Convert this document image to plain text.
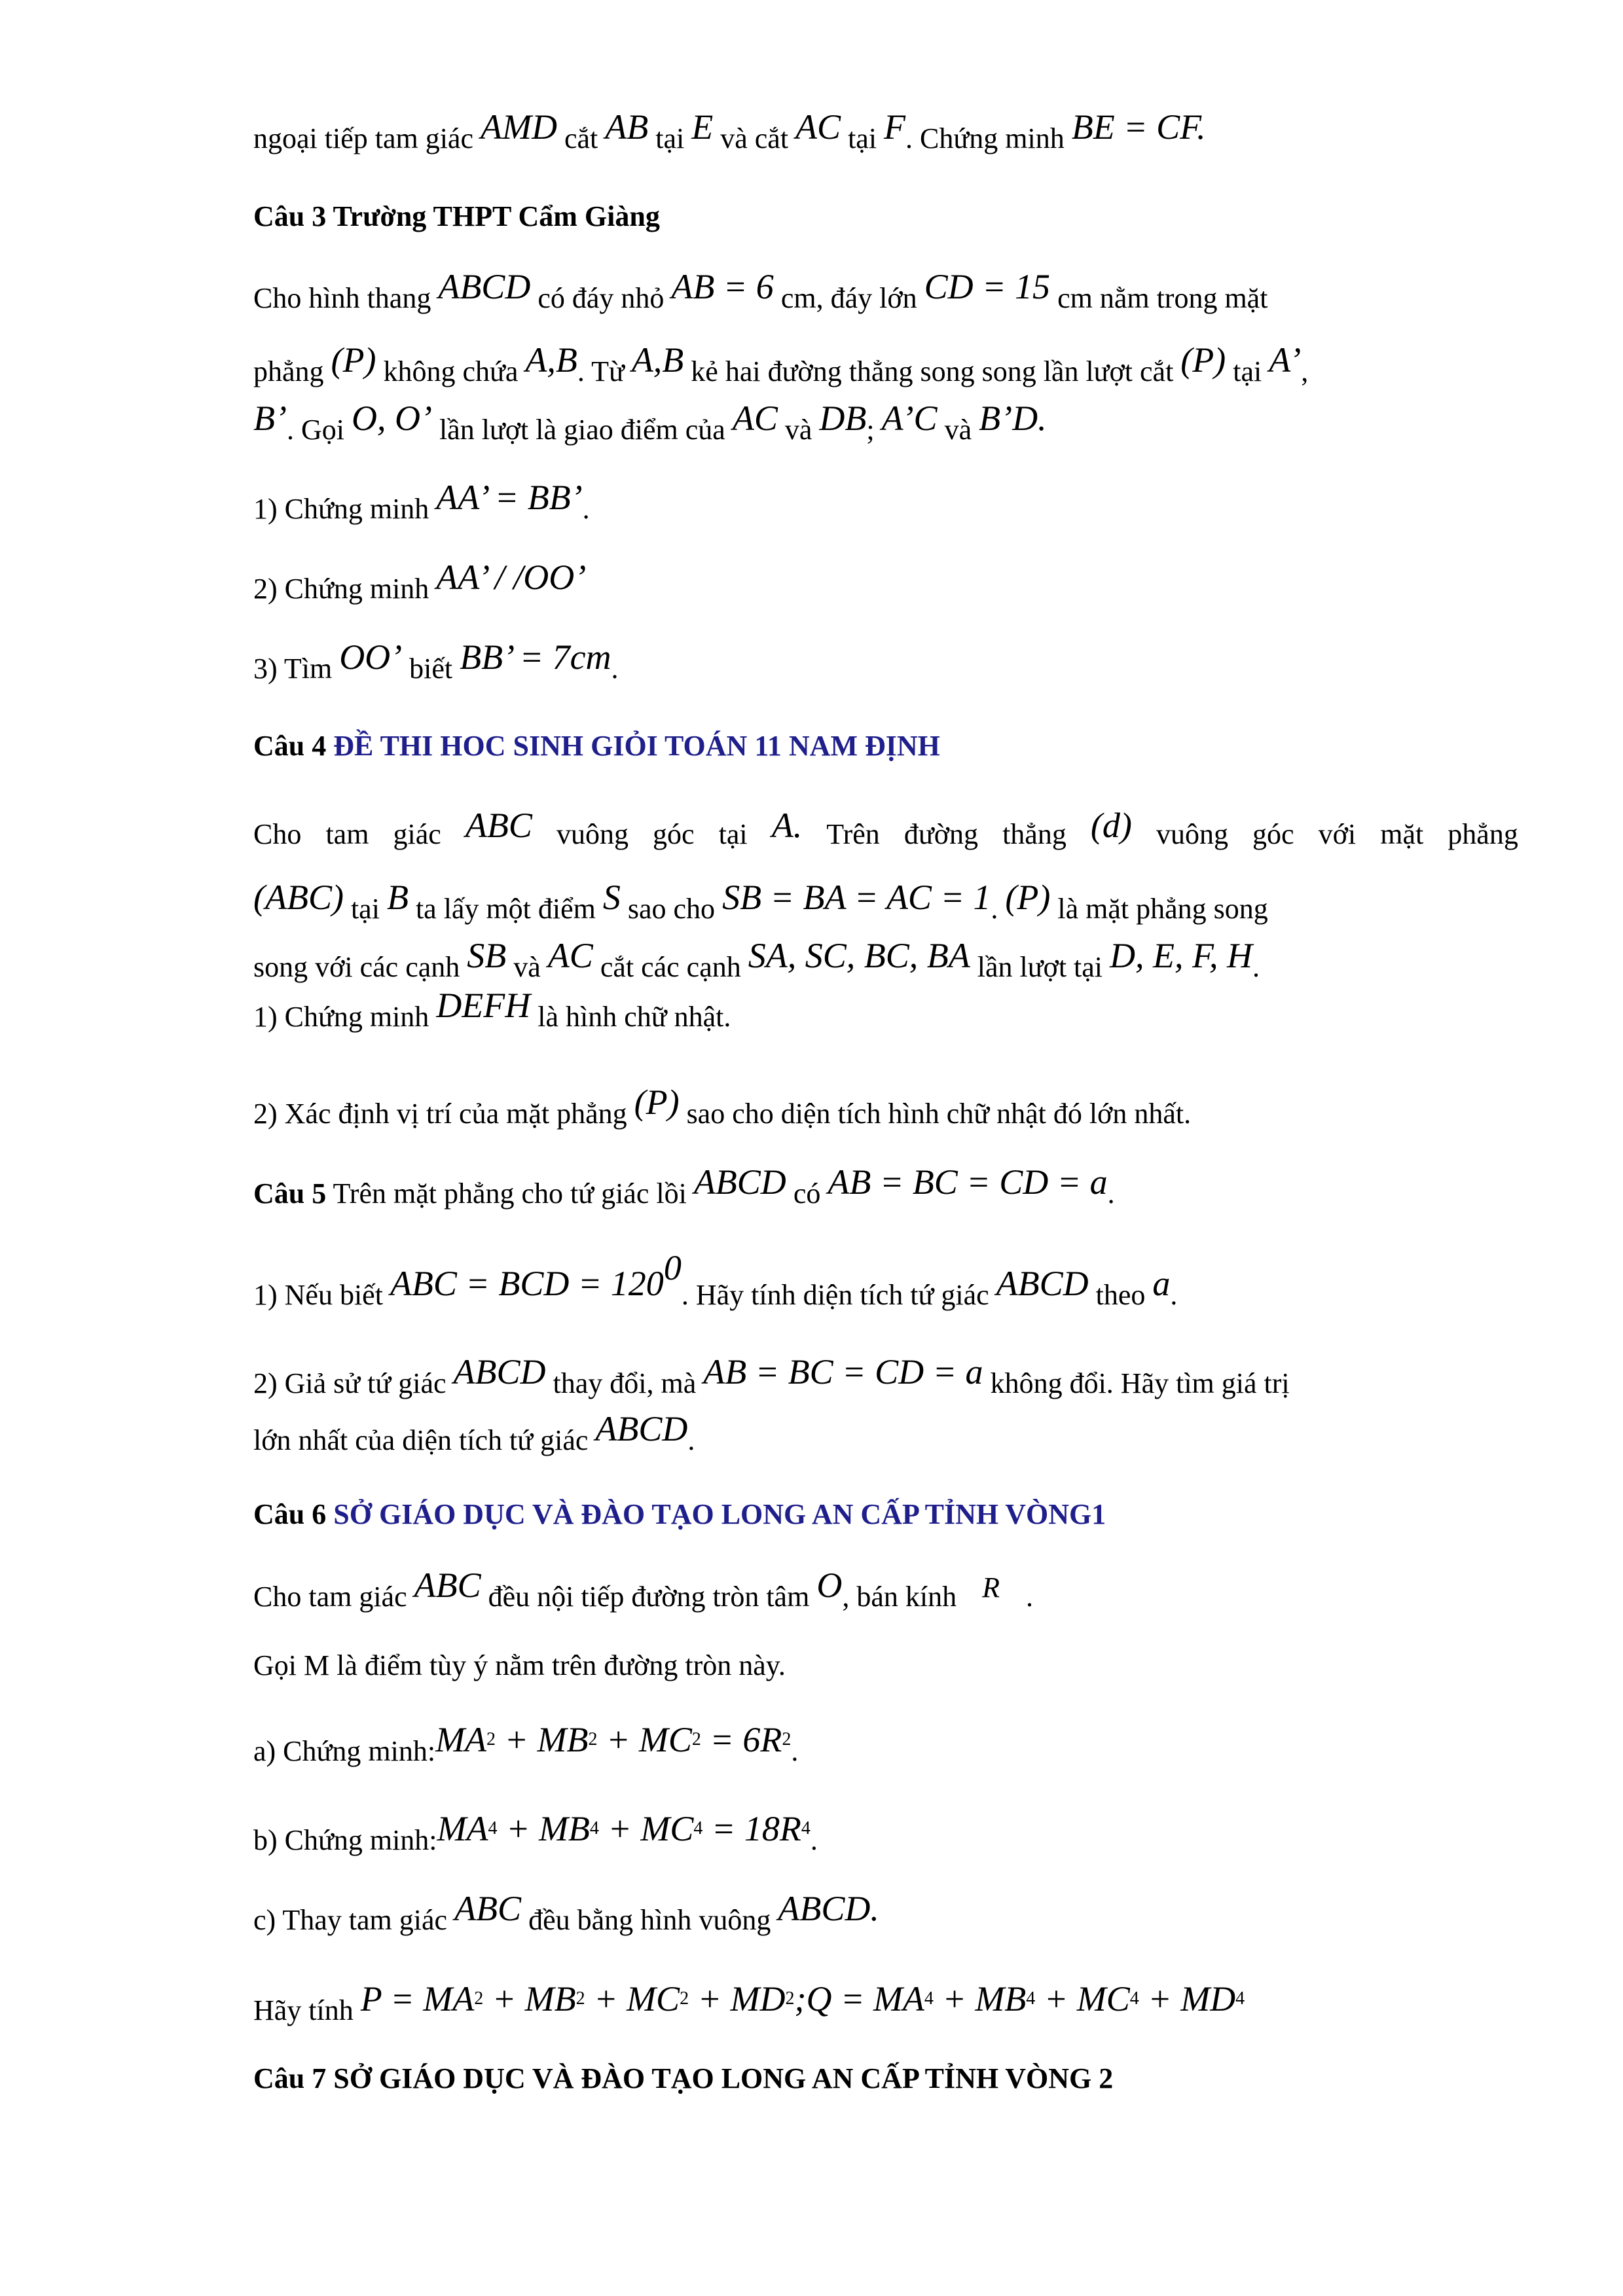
ngoại tiếp tam giác AMD cắt AB tại E và cắt AC tại F. Chứng minh BE = CF.
Câu 3 Trường THPT Cẩm Giàng
Cho hình thang ABCD có đáy nhỏ AB = 6 cm, đáy lớn CD = 15 cm nằm trong mặt
phẳng (P) không chứa A,B. Từ A,B kẻ hai đường thẳng song song lần lượt cắt (P) tại A’,
B’. Gọi O, O’ lần lượt là giao điểm của AC và DB; A’C và B’D.
1) Chứng minh AA’ = BB’.
2) Chứng minh AA’ / /OO’
3) Tìm OO’ biết BB’ = 7cm.
Câu 4 ĐỀ THI HOC SINH GIỎI TOÁN 11 NAM ĐỊNH
Cho tam giác ABC vuông góc tại A. Trên đường thẳng (d) vuông góc với mặt phẳng
(ABC) tại B ta lấy một điểm S sao cho SB = BA = AC = 1. (P) là mặt phẳng song
song với các cạnh SB và AC cắt các cạnh SA, SC, BC, BA lần lượt tại D, E, F, H.
1) Chứng minh DEFH là hình chữ nhật.
2) Xác định vị trí của mặt phẳng (P) sao cho diện tích hình chữ nhật đó lớn nhất.
Câu 5 Trên mặt phẳng cho tứ giác lồi ABCD có AB = BC = CD = a.
1) Nếu biết ABC = BCD = $120^0$. Hãy tính diện tích tứ giác ABCD theo a.
2) Giả sử tứ giác ABCD thay đổi, mà AB = BC = CD = a không đổi. Hãy tìm giá trị
lớn nhất của diện tích tứ giác ABCD.
Câu 6 SỞ GIÁO DỤC VÀ ĐÀO TẠO LONG AN CẤP TỈNH VÒNG1
Cho tam giác ABC đều nội tiếp đường tròn tâm O, bán kính R .
Gọi M là điểm tùy ý nằm trên đường tròn này.
a) Chứng $\min h:MA^2 + MB^2 + MC^2 = 6R^2$.
b) Chứng $\min h:MA^4 + MB^4 + MC^4 = 18R^4$.
c) Thay tam giác ABC đều bằng hình vuông ABCD.
Hãy tính $P = MA^2 + MB^2 + MC^2$ + $MD^2;Q = MA^4 + MB^4 + MC^4 + MD^4$
Câu 7 SỞ GIÁO DỤC VÀ ĐÀO TẠO LONG AN CẤP TỈNH VÒNG 2
